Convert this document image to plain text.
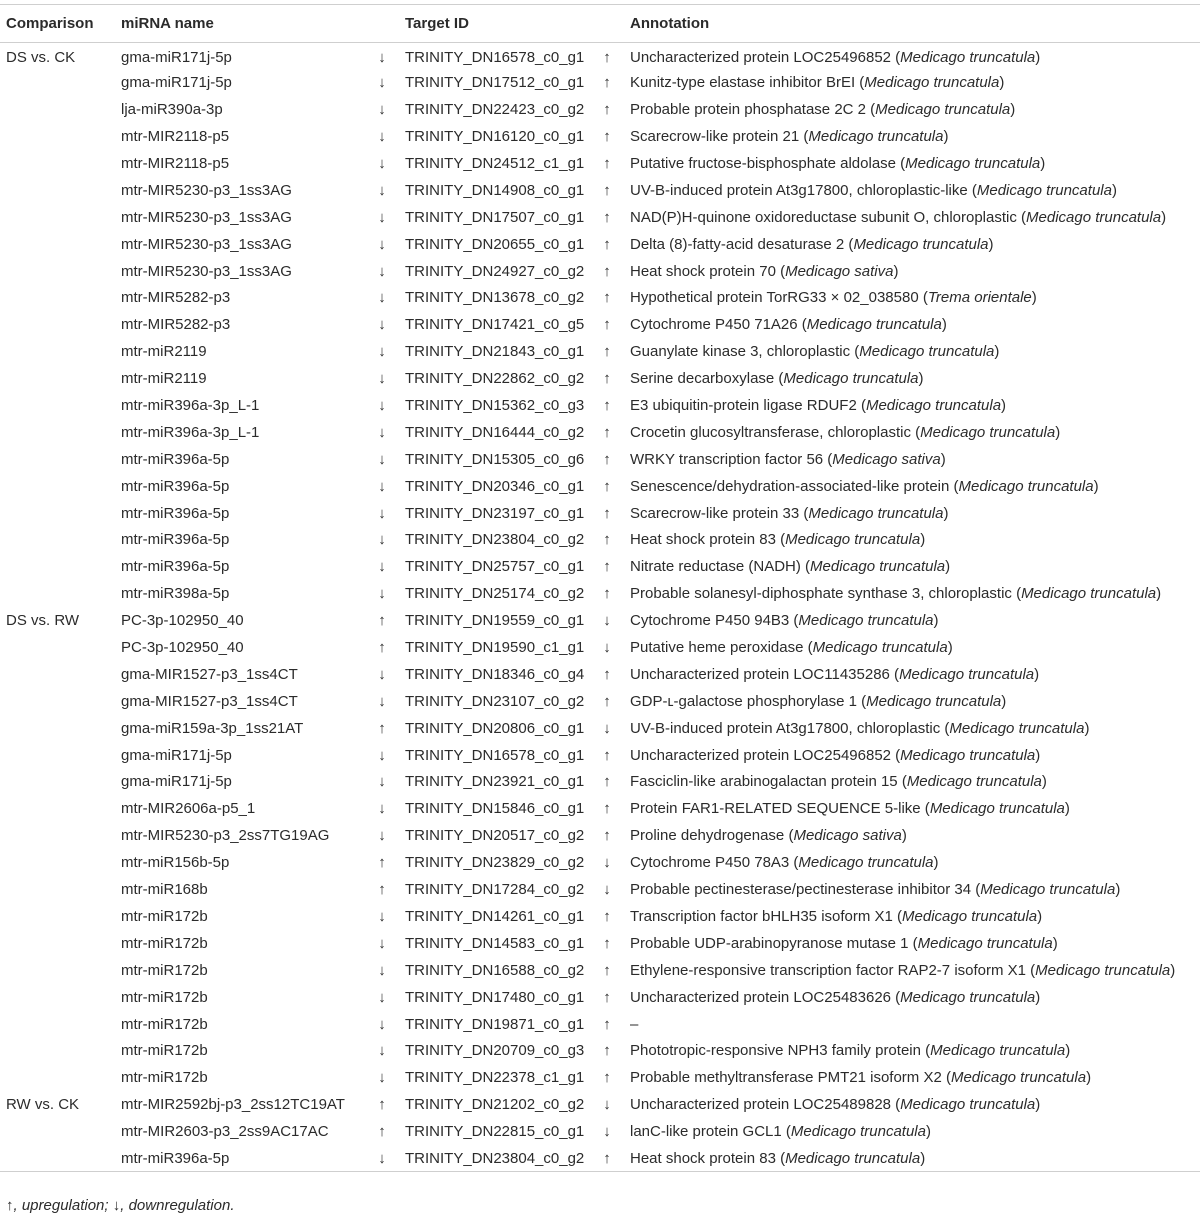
Comparison	miRNA name		Target ID		Annotation
DS vs. CK	gma-miR171j-5p	↓	TRINITY_DN16578_c0_g1	↑	Uncharacterized protein LOC25496852 (Medicago truncatula)
	gma-miR171j-5p	↓	TRINITY_DN17512_c0_g1	↑	Kunitz-type elastase inhibitor BrEI (Medicago truncatula)
	lja-miR390a-3p	↓	TRINITY_DN22423_c0_g2	↑	Probable protein phosphatase 2C 2 (Medicago truncatula)
	mtr-MIR2118-p5	↓	TRINITY_DN16120_c0_g1	↑	Scarecrow-like protein 21 (Medicago truncatula)
	mtr-MIR2118-p5	↓	TRINITY_DN24512_c1_g1	↑	Putative fructose-bisphosphate aldolase (Medicago truncatula)
	mtr-MIR5230-p3_1ss3AG	↓	TRINITY_DN14908_c0_g1	↑	UV-B-induced protein At3g17800, chloroplastic-like (Medicago truncatula)
	mtr-MIR5230-p3_1ss3AG	↓	TRINITY_DN17507_c0_g1	↑	NAD(P)H-quinone oxidoreductase subunit O, chloroplastic (Medicago truncatula)
	mtr-MIR5230-p3_1ss3AG	↓	TRINITY_DN20655_c0_g1	↑	Delta (8)-fatty-acid desaturase 2 (Medicago truncatula)
	mtr-MIR5230-p3_1ss3AG	↓	TRINITY_DN24927_c0_g2	↑	Heat shock protein 70 (Medicago sativa)
	mtr-MIR5282-p3	↓	TRINITY_DN13678_c0_g2	↑	Hypothetical protein TorRG33 × 02_038580 (Trema orientale)
	mtr-MIR5282-p3	↓	TRINITY_DN17421_c0_g5	↑	Cytochrome P450 71A26 (Medicago truncatula)
	mtr-miR2119	↓	TRINITY_DN21843_c0_g1	↑	Guanylate kinase 3, chloroplastic (Medicago truncatula)
	mtr-miR2119	↓	TRINITY_DN22862_c0_g2	↑	Serine decarboxylase (Medicago truncatula)
	mtr-miR396a-3p_L-1	↓	TRINITY_DN15362_c0_g3	↑	E3 ubiquitin-protein ligase RDUF2 (Medicago truncatula)
	mtr-miR396a-3p_L-1	↓	TRINITY_DN16444_c0_g2	↑	Crocetin glucosyltransferase, chloroplastic (Medicago truncatula)
	mtr-miR396a-5p	↓	TRINITY_DN15305_c0_g6	↑	WRKY transcription factor 56 (Medicago sativa)
	mtr-miR396a-5p	↓	TRINITY_DN20346_c0_g1	↑	Senescence/dehydration-associated-like protein (Medicago truncatula)
	mtr-miR396a-5p	↓	TRINITY_DN23197_c0_g1	↑	Scarecrow-like protein 33 (Medicago truncatula)
	mtr-miR396a-5p	↓	TRINITY_DN23804_c0_g2	↑	Heat shock protein 83 (Medicago truncatula)
	mtr-miR396a-5p	↓	TRINITY_DN25757_c0_g1	↑	Nitrate reductase (NADH) (Medicago truncatula)
	mtr-miR398a-5p	↓	TRINITY_DN25174_c0_g2	↑	Probable solanesyl-diphosphate synthase 3, chloroplastic (Medicago truncatula)
DS vs. RW	PC-3p-102950_40	↑	TRINITY_DN19559_c0_g1	↓	Cytochrome P450 94B3 (Medicago truncatula)
	PC-3p-102950_40	↑	TRINITY_DN19590_c1_g1	↓	Putative heme peroxidase (Medicago truncatula)
	gma-MIR1527-p3_1ss4CT	↓	TRINITY_DN18346_c0_g4	↑	Uncharacterized protein LOC11435286 (Medicago truncatula)
	gma-MIR1527-p3_1ss4CT	↓	TRINITY_DN23107_c0_g2	↑	GDP-ʟ-galactose phosphorylase 1 (Medicago truncatula)
	gma-miR159a-3p_1ss21AT	↑	TRINITY_DN20806_c0_g1	↓	UV-B-induced protein At3g17800, chloroplastic (Medicago truncatula)
	gma-miR171j-5p	↓	TRINITY_DN16578_c0_g1	↑	Uncharacterized protein LOC25496852 (Medicago truncatula)
	gma-miR171j-5p	↓	TRINITY_DN23921_c0_g1	↑	Fasciclin-like arabinogalactan protein 15 (Medicago truncatula)
	mtr-MIR2606a-p5_1	↓	TRINITY_DN15846_c0_g1	↑	Protein FAR1-RELATED SEQUENCE 5-like (Medicago truncatula)
	mtr-MIR5230-p3_2ss7TG19AG	↓	TRINITY_DN20517_c0_g2	↑	Proline dehydrogenase (Medicago sativa)
	mtr-miR156b-5p	↑	TRINITY_DN23829_c0_g2	↓	Cytochrome P450 78A3 (Medicago truncatula)
	mtr-miR168b	↑	TRINITY_DN17284_c0_g2	↓	Probable pectinesterase/pectinesterase inhibitor 34 (Medicago truncatula)
	mtr-miR172b	↓	TRINITY_DN14261_c0_g1	↑	Transcription factor bHLH35 isoform X1 (Medicago truncatula)
	mtr-miR172b	↓	TRINITY_DN14583_c0_g1	↑	Probable UDP-arabinopyranose mutase 1 (Medicago truncatula)
	mtr-miR172b	↓	TRINITY_DN16588_c0_g2	↑	Ethylene-responsive transcription factor RAP2-7 isoform X1 (Medicago truncatula)
	mtr-miR172b	↓	TRINITY_DN17480_c0_g1	↑	Uncharacterized protein LOC25483626 (Medicago truncatula)
	mtr-miR172b	↓	TRINITY_DN19871_c0_g1	↑	–
	mtr-miR172b	↓	TRINITY_DN20709_c0_g3	↑	Phototropic-responsive NPH3 family protein (Medicago truncatula)
	mtr-miR172b	↓	TRINITY_DN22378_c1_g1	↑	Probable methyltransferase PMT21 isoform X2 (Medicago truncatula)
RW vs. CK	mtr-MIR2592bj-p3_2ss12TC19AT	↑	TRINITY_DN21202_c0_g2	↓	Uncharacterized protein LOC25489828 (Medicago truncatula)
	mtr-MIR2603-p3_2ss9AC17AC	↑	TRINITY_DN22815_c0_g1	↓	lanC-like protein GCL1 (Medicago truncatula)
	mtr-miR396a-5p	↓	TRINITY_DN23804_c0_g2	↑	Heat shock protein 83 (Medicago truncatula)
↑, upregulation; ↓, downregulation.
